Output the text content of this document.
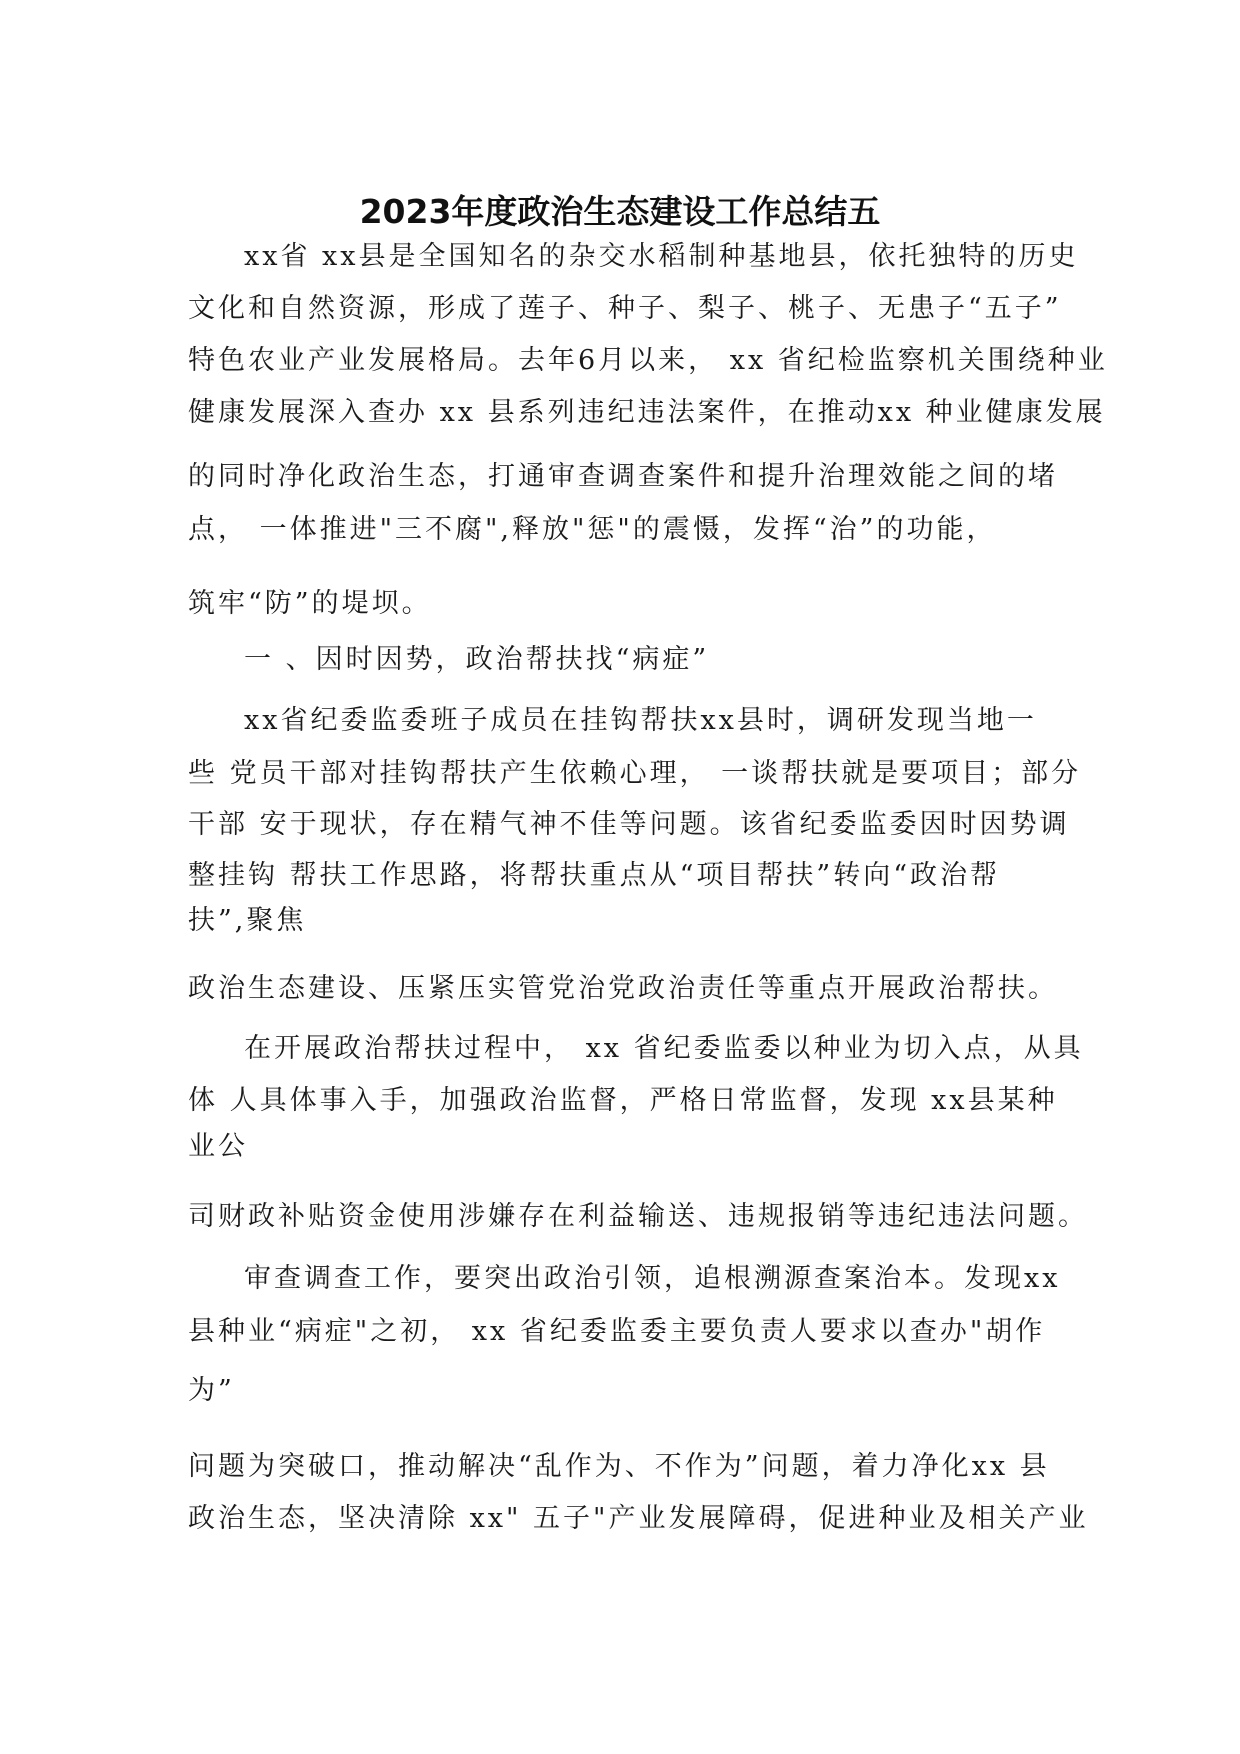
2023年度政治生态建设工作总结五
xx省 xx县是全国知名的杂交水稻制种基地县，依托独特的历史
文化和自然资源，形成了莲子、种子、梨子、桃子、无患子“五子”
特色农业产业发展格局。去年6月以来， xx 省纪检监察机关围绕种业
健康发展深入查办 xx 县系列违纪违法案件，在推动xx 种业健康发展
的同时净化政治生态，打通审查调查案件和提升治理效能之间的堵
点， 一体推进"三不腐",释放"惩"的震慑，发挥“治”的功能，
筑牢“防”的堤坝。
一 、因时因势，政治帮扶找“病症”
xx省纪委监委班子成员在挂钩帮扶xx县时，调研发现当地一
些 党员干部对挂钩帮扶产生依赖心理， 一谈帮扶就是要项目；部分
干部 安于现状，存在精气神不佳等问题。该省纪委监委因时因势调
整挂钩 帮扶工作思路，将帮扶重点从“项目帮扶”转向“政治帮
扶”,聚焦
政治生态建设、压紧压实管党治党政治责任等重点开展政治帮扶。
在开展政治帮扶过程中， xx 省纪委监委以种业为切入点，从具
体 人具体事入手，加强政治监督，严格日常监督，发现 xx县某种
业公
司财政补贴资金使用涉嫌存在利益输送、违规报销等违纪违法问题。
审查调查工作，要突出政治引领，追根溯源查案治本。发现xx
县种业“病症"之初， xx 省纪委监委主要负责人要求以查办"胡作
为”
问题为突破口，推动解决“乱作为、不作为”问题，着力净化xx 县
政治生态，坚决清除 xx" 五子"产业发展障碍，促进种业及相关产业
